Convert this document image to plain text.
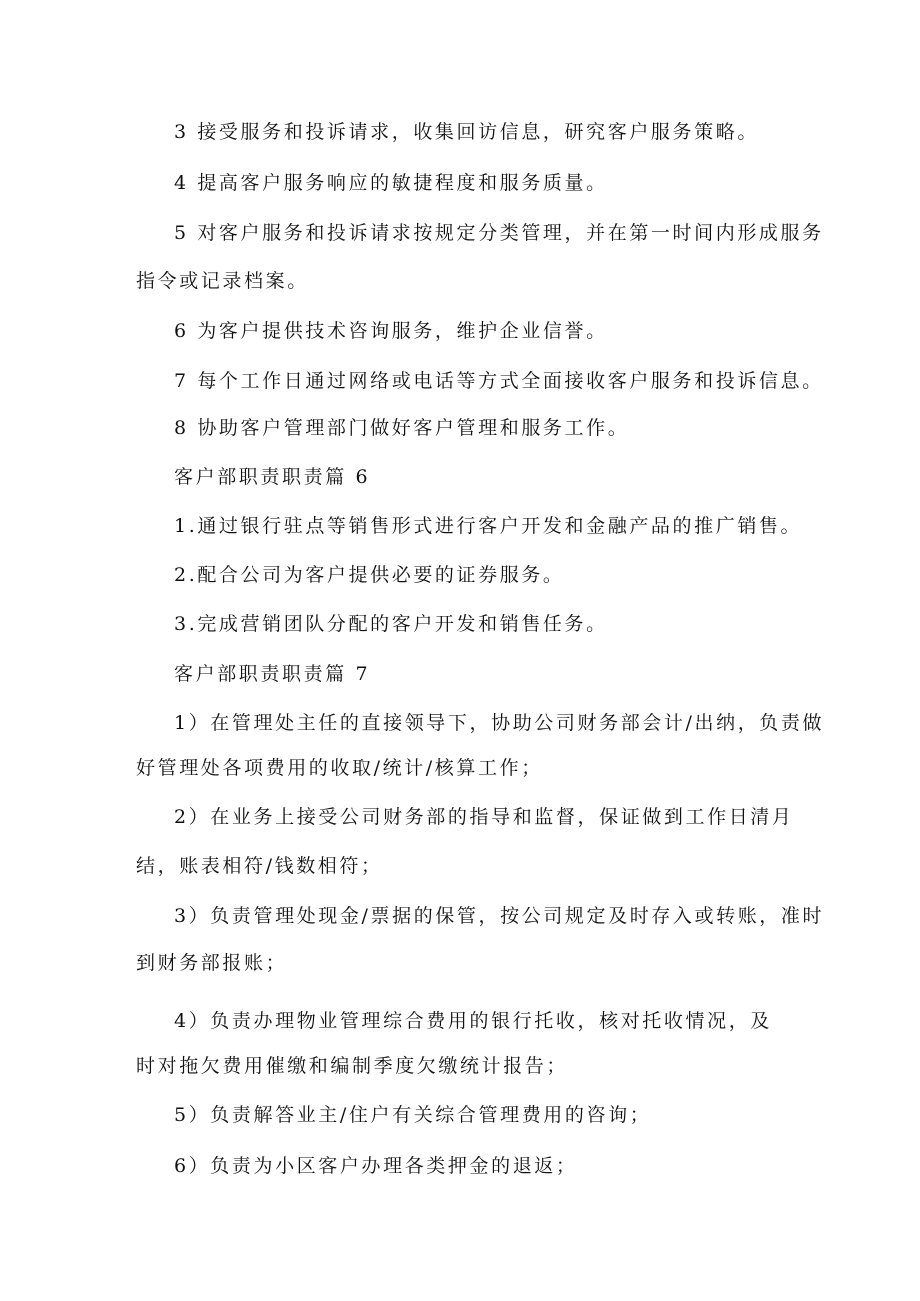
3 接受服务和投诉请求，收集回访信息，研究客户服务策略。
4 提高客户服务响应的敏捷程度和服务质量。
5 对客户服务和投诉请求按规定分类管理，并在第一时间内形成服务
指令或记录档案。
6 为客户提供技术咨询服务，维护企业信誉。
7 每个工作日通过网络或电话等方式全面接收客户服务和投诉信息。
8 协助客户管理部门做好客户管理和服务工作。
客户部职责职责篇 6
1.通过银行驻点等销售形式进行客户开发和金融产品的推广销售。
2.配合公司为客户提供必要的证券服务。
3.完成营销团队分配的客户开发和销售任务。
客户部职责职责篇 7
1）在管理处主任的直接领导下，协助公司财务部会计/出纳，负责做
好管理处各项费用的收取/统计/核算工作；
2）在业务上接受公司财务部的指导和监督，保证做到工作日清月
结，账表相符/钱数相符；
3）负责管理处现金/票据的保管，按公司规定及时存入或转账，准时
到财务部报账；
4）负责办理物业管理综合费用的银行托收，核对托收情况，及
时对拖欠费用催缴和编制季度欠缴统计报告；
5）负责解答业主/住户有关综合管理费用的咨询；
6）负责为小区客户办理各类押金的退返；
